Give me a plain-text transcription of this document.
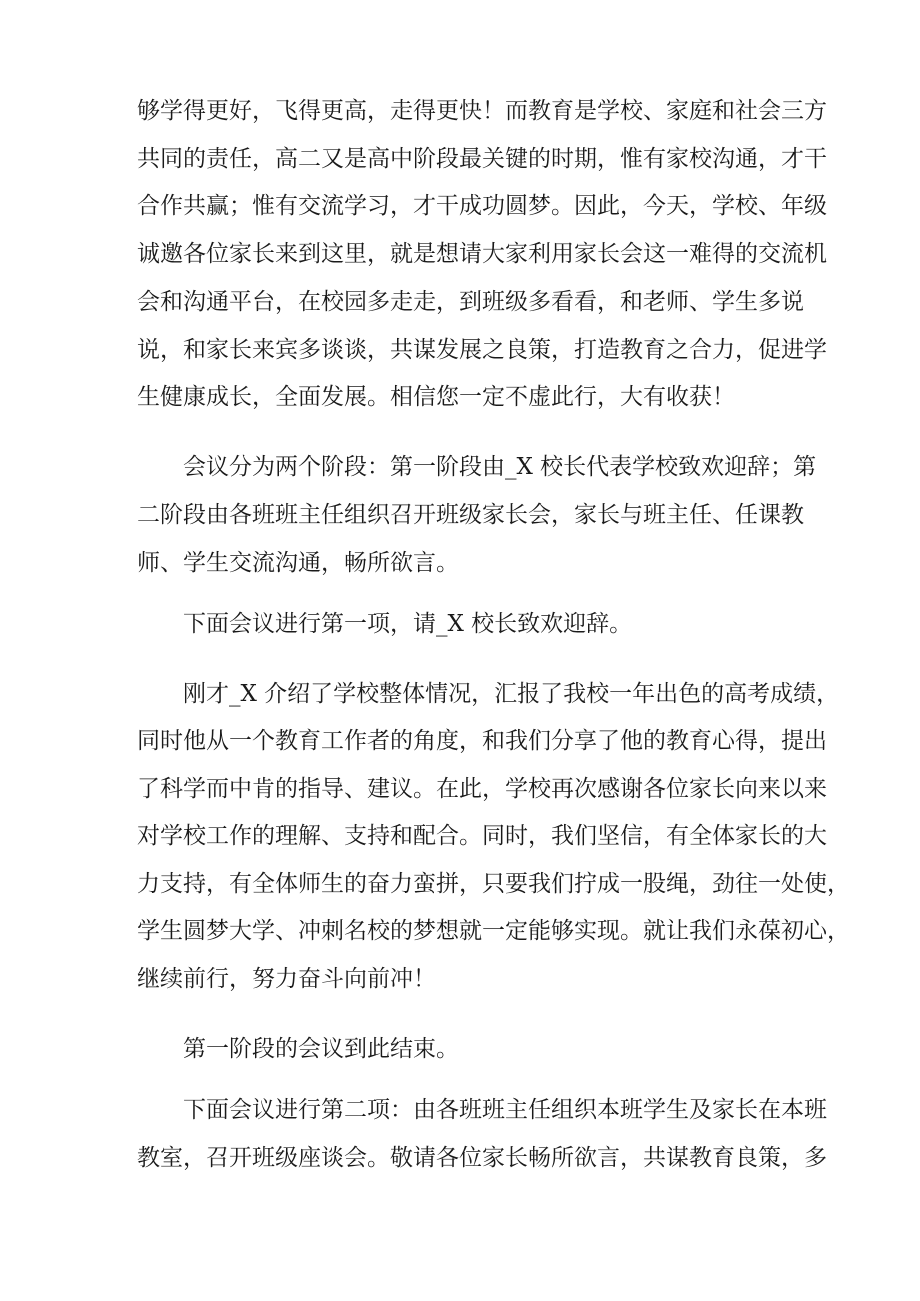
够学得更好，飞得更高，走得更快！而教育是学校、家庭和社会三方
共同的责任，高二又是高中阶段最关键的时期，惟有家校沟通，才干
合作共赢；惟有交流学习，才干成功圆梦。因此，今天，学校、年级
诚邀各位家长来到这里，就是想请大家利用家长会这一难得的交流机
会和沟通平台，在校园多走走，到班级多看看，和老师、学生多说
说，和家长来宾多谈谈，共谋发展之良策，打造教育之合力，促进学
生健康成长，全面发展。相信您一定不虚此行，大有收获！
会议分为两个阶段：第一阶段由_X 校长代表学校致欢迎辞；第
二阶段由各班班主任组织召开班级家长会，家长与班主任、任课教
师、学生交流沟通，畅所欲言。
下面会议进行第一项，请_X 校长致欢迎辞。
刚才_X 介绍了学校整体情况，汇报了我校一年出色的高考成绩，
同时他从一个教育工作者的角度，和我们分享了他的教育心得，提出
了科学而中肯的指导、建议。在此，学校再次感谢各位家长向来以来
对学校工作的理解、支持和配合。同时，我们坚信，有全体家长的大
力支持，有全体师生的奋力蛮拼，只要我们拧成一股绳，劲往一处使，
学生圆梦大学、冲刺名校的梦想就一定能够实现。就让我们永葆初心，
继续前行，努力奋斗向前冲！
第一阶段的会议到此结束。
下面会议进行第二项：由各班班主任组织本班学生及家长在本班
教室，召开班级座谈会。敬请各位家长畅所欲言，共谋教育良策，多
